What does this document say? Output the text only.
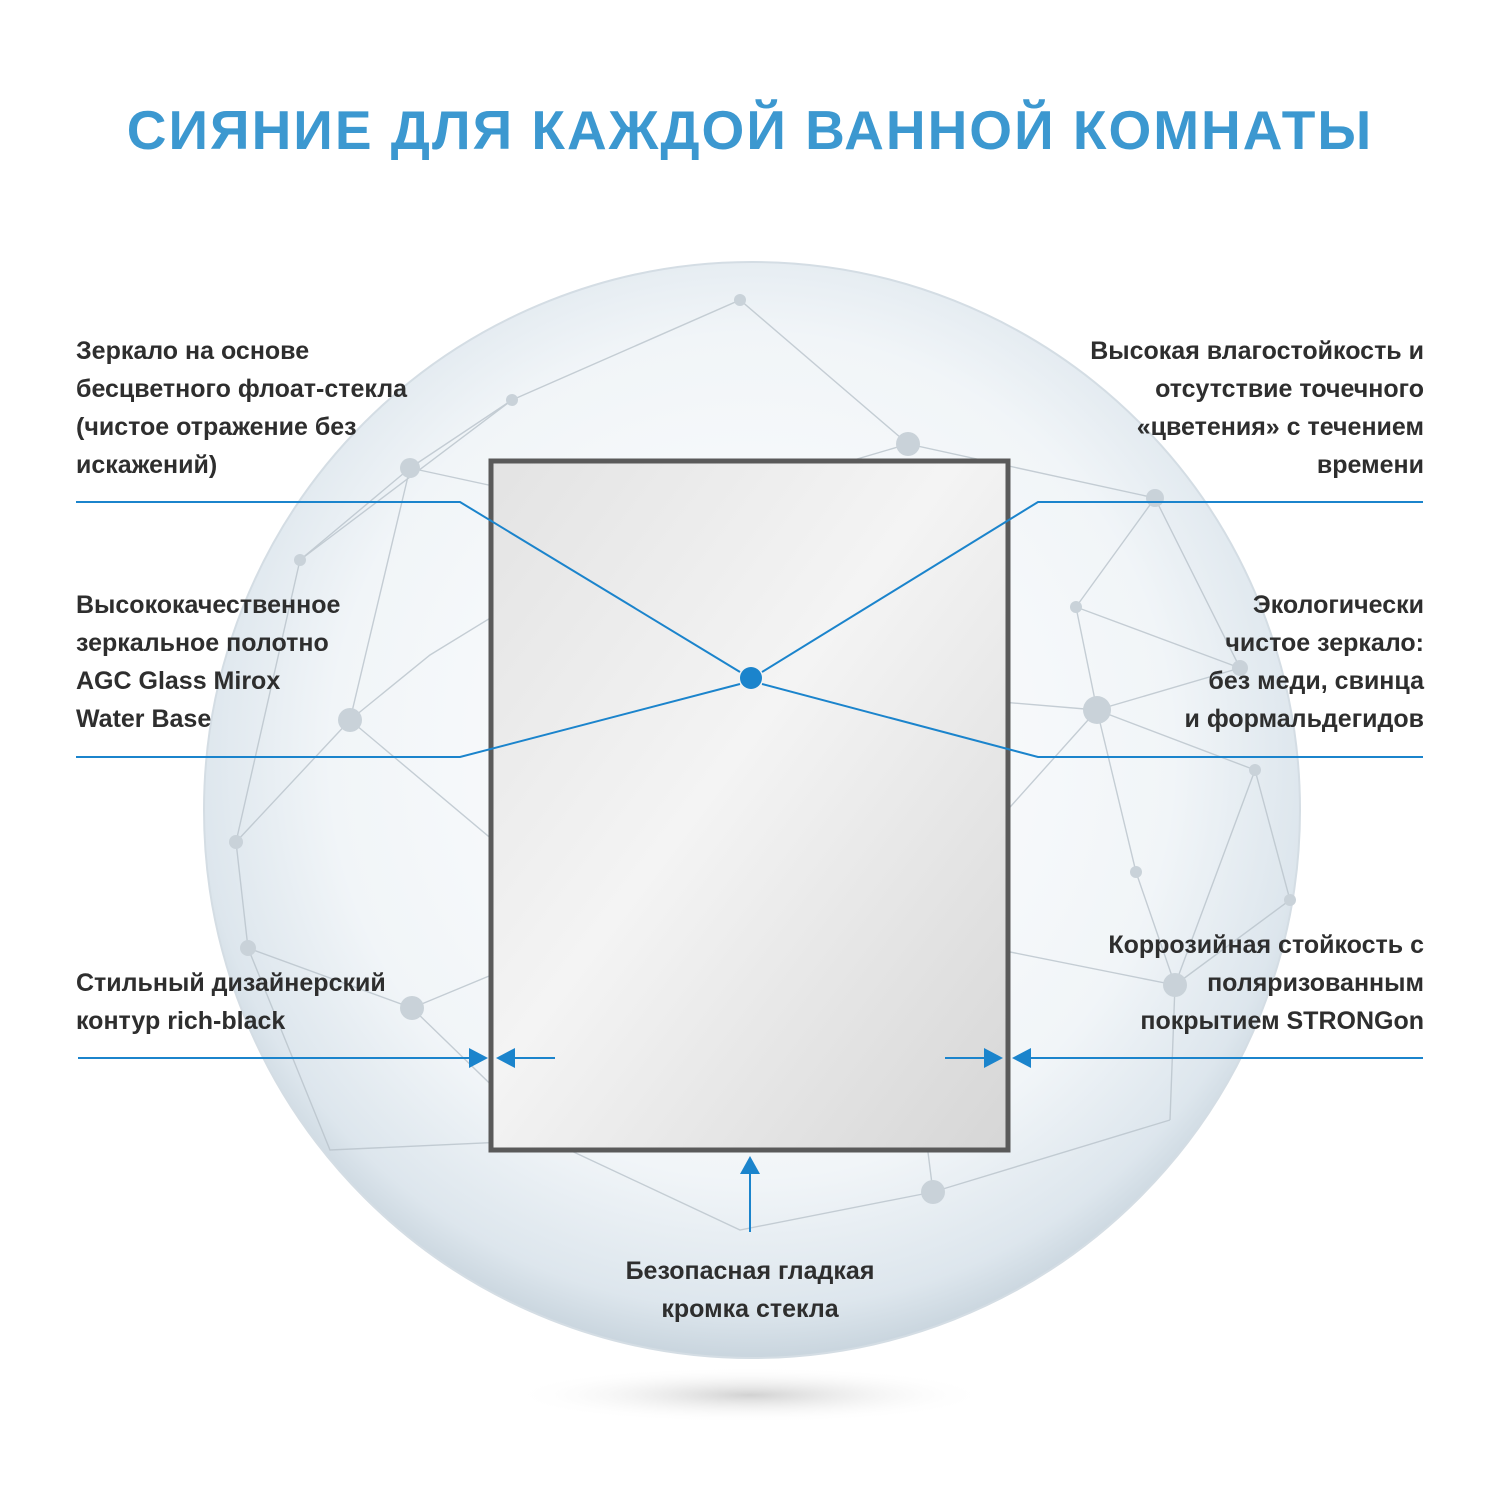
СИЯНИЕ ДЛЯ КАЖДОЙ ВАННОЙ КОМНАТЫ
Зеркало на основе
бесцветного флоат-стекла
(чистое отражение без
искажений)
Высокая влагостойкость и
отсутствие точечного
«цветения» с течением
времени
Высококачественное
зеркальное полотно
AGC Glass Mirox
Water Base
Экологически
чистое зеркало:
без меди, свинца
и формальдегидов
Стильный дизайнерский
контур rich-black
Коррозийная стойкость с
поляризованным
покрытием STRONGon
Безопасная гладкая
кромка стекла
